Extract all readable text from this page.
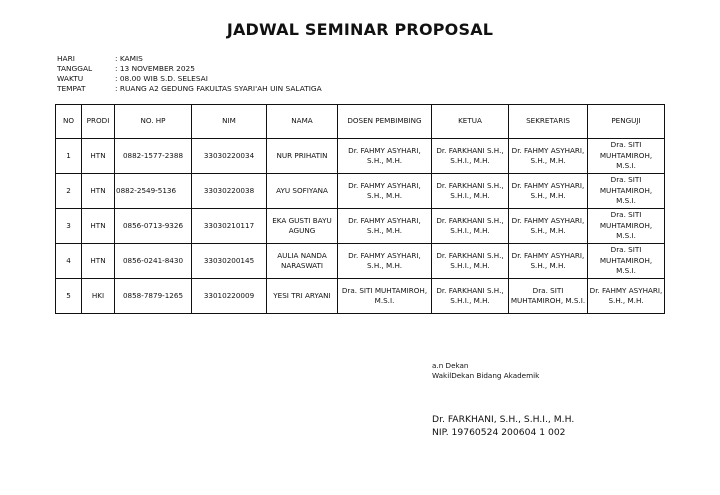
JADWAL SEMINAR PROPOSAL
HARI	: KAMIS
TANGGAL	: 13 NOVEMBER 2025
WAKTU	: 08.00 WIB S.D. SELESAI
TEMPAT	: RUANG A2 GEDUNG FAKULTAS SYARI'AH UIN SALATIGA
NO	PRODI	NO. HP	NIM	NAMA	DOSEN PEMBIMBING	KETUA	SEKRETARIS	PENGUJI
1	HTN	0882-1577-2388	33030220034	NUR PRIHATIN	Dr. FAHMY ASYHARI, S.H., M.H.	Dr. FARKHANI S.H., S.H.I., M.H.	Dr. FAHMY ASYHARI, S.H., M.H.	Dra. SITI MUHTAMIROH, M.S.I.
2	HTN	0882-2549-5136	33030220038	AYU SOFIYANA	Dr. FAHMY ASYHARI, S.H., M.H.	Dr. FARKHANI S.H., S.H.I., M.H.	Dr. FAHMY ASYHARI, S.H., M.H.	Dra. SITI MUHTAMIROH, M.S.I.
3	HTN	0856-0713-9326	33030210117	EKA GUSTI BAYU AGUNG	Dr. FAHMY ASYHARI, S.H., M.H.	Dr. FARKHANI S.H., S.H.I., M.H.	Dr. FAHMY ASYHARI, S.H., M.H.	Dra. SITI MUHTAMIROH, M.S.I.
4	HTN	0856-0241-8430	33030200145	AULIA NANDA NARASWATI	Dr. FAHMY ASYHARI, S.H., M.H.	Dr. FARKHANI S.H., S.H.I., M.H.	Dr. FAHMY ASYHARI, S.H., M.H.	Dra. SITI MUHTAMIROH, M.S.I.
5	HKI	0858-7879-1265	33010220009	YESI TRI ARYANI	Dra. SITI MUHTAMIROH, M.S.I.	Dr. FARKHANI S.H., S.H.I., M.H.	Dra. SITI MUHTAMIROH, M.S.I.	Dr. FAHMY ASYHARI, S.H., M.H.
a.n Dekan
WakilDekan Bidang Akademik
Dr. FARKHANI, S.H., S.H.I., M.H.
NIP. 19760524 200604 1 002
